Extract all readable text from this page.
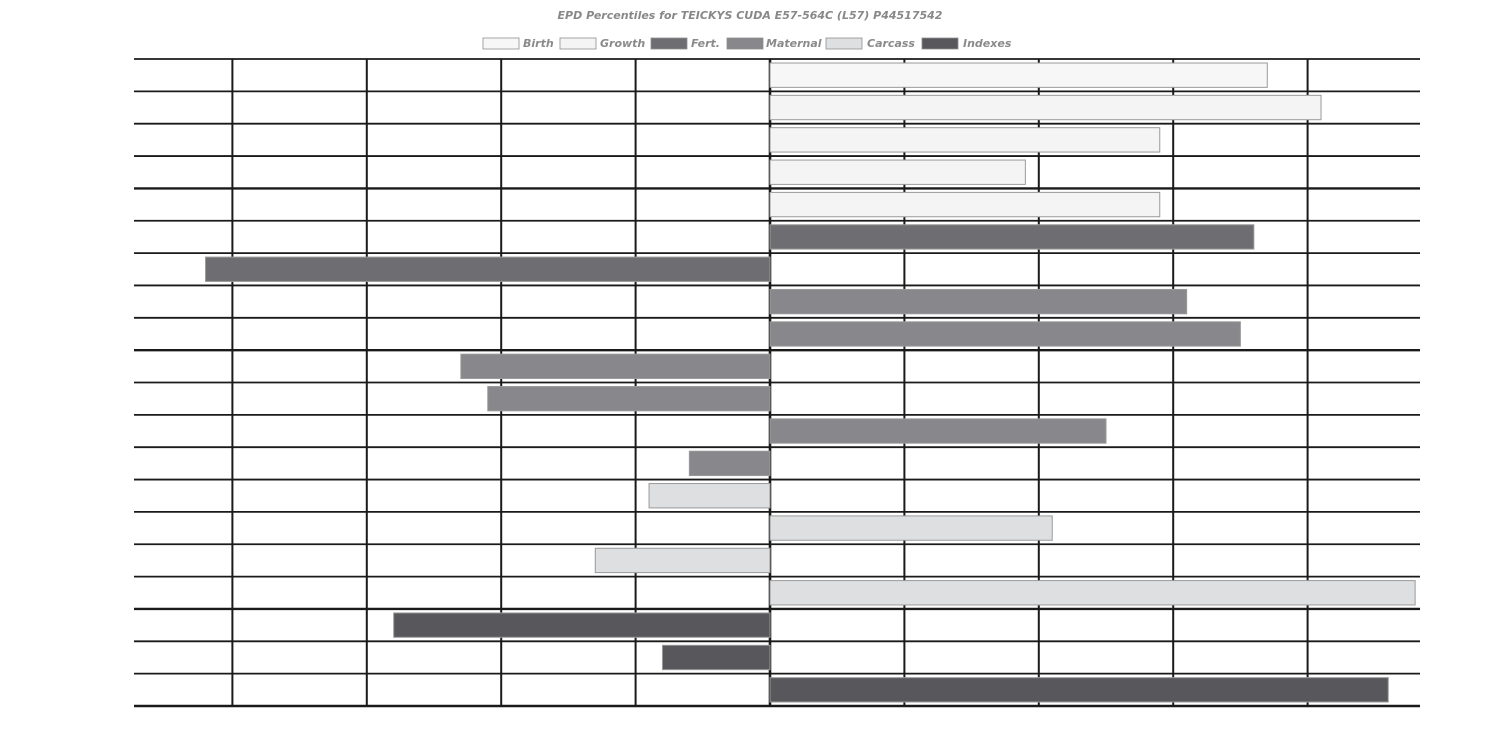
EPD Percentiles for TEICKYS CUDA E57-564C (L57) P44517542
Birth	Growth	Fert.	Maternal	Carcass	Indexes
